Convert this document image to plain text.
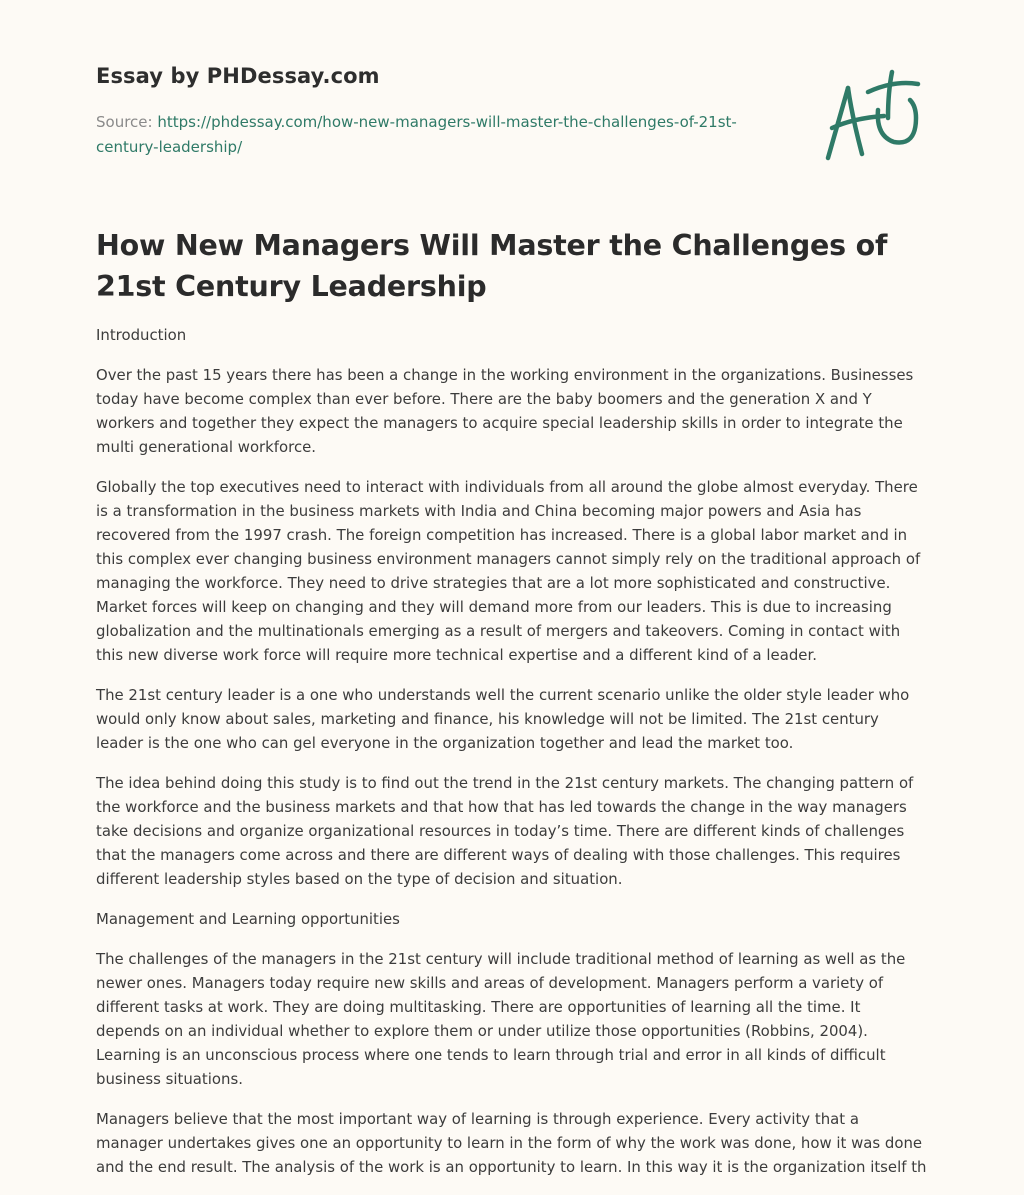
Essay by PHDessay.com
Source: https://phdessay.com/how-new-managers-will-master-the-challenges-of-21st-century-leadership/
How New Managers Will Master the Challenges of 21st Century Leadership

Introduction

Over the past 15 years there has been a change in the working environment in the organizations. Businesses today have become complex than ever before. There are the baby boomers and the generation X and Y workers and together they expect the managers to acquire special leadership skills in order to integrate the multi generational workforce.

Globally the top executives need to interact with individuals from all around the globe almost everyday. There is a transformation in the business markets with India and China becoming major powers and Asia has recovered from the 1997 crash. The foreign competition has increased. There is a global labor market and in this complex ever changing business environment managers cannot simply rely on the traditional approach of managing the workforce. They need to drive strategies that are a lot more sophisticated and constructive. Market forces will keep on changing and they will demand more from our leaders. This is due to increasing globalization and the multinationals emerging as a result of mergers and takeovers. Coming in contact with this new diverse work force will require more technical expertise and a different kind of a leader.

The 21st century leader is a one who understands well the current scenario unlike the older style leader who would only know about sales, marketing and finance, his knowledge will not be limited. The 21st century leader is the one who can gel everyone in the organization together and lead the market too.

The idea behind doing this study is to find out the trend in the 21st century markets. The changing pattern of the workforce and the business markets and that how that has led towards the change in the way managers take decisions and organize organizational resources in today’s time. There are different kinds of challenges that the managers come across and there are different ways of dealing with those challenges. This requires different leadership styles based on the type of decision and situation.

Management and Learning opportunities

The challenges of the managers in the 21st century will include traditional method of learning as well as the newer ones. Managers today require new skills and areas of development. Managers perform a variety of different tasks at work. They are doing multitasking. There are opportunities of learning all the time. It depends on an individual whether to explore them or under utilize those opportunities (Robbins, 2004). Learning is an unconscious process where one tends to learn through trial and error in all kinds of difficult business situations.

Managers believe that the most important way of learning is through experience. Every activity that a manager undertakes gives one an opportunity to learn in the form of why the work was done, how it was done and the end result. The analysis of the work is an opportunity to learn. In this way it is the organization itself th
